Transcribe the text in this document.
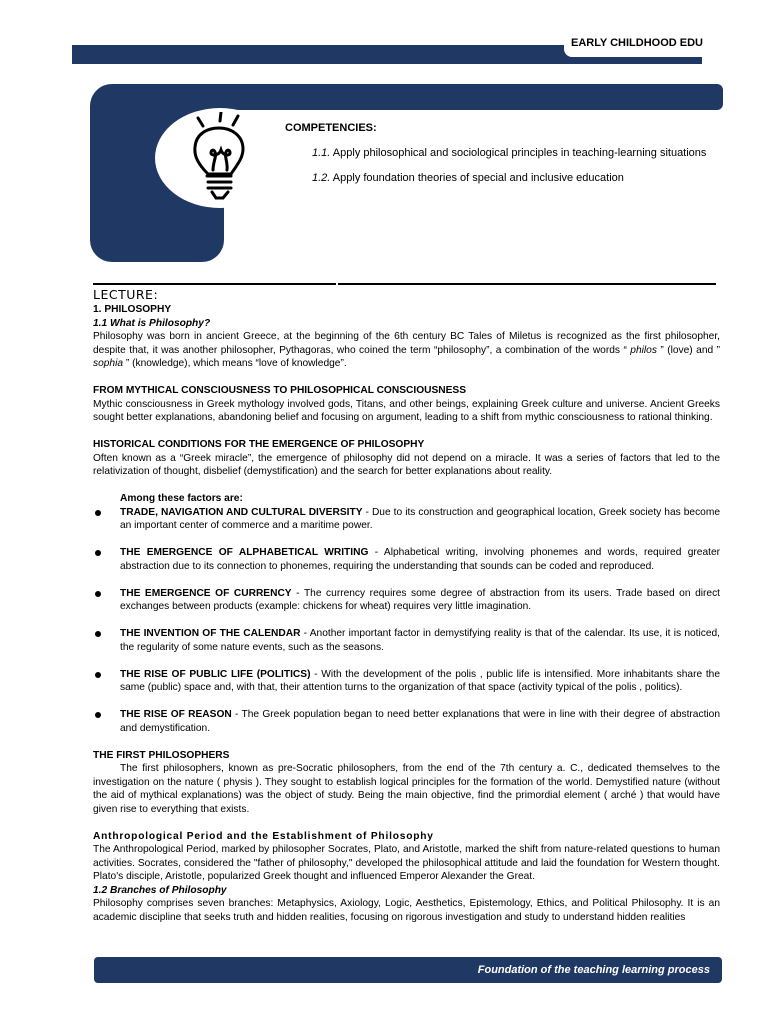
EARLY CHILDHOOD EDU
COMPETENCIES:
1.1. Apply philosophical and sociological principles in teaching-learning situations
1.2. Apply foundation theories of special and inclusive education
LECTURE:
1. PHILOSOPHY
1.1 What is Philosophy?

Philosophy was born in ancient Greece, at the beginning of the 6th century BC Tales of Miletus is recognized as the first philosopher, despite that, it was another philosopher, Pythagoras, who coined the term “philosophy”, a combination of the words “ philos ” (love) and ” sophia ” (knowledge), which means “love of knowledge”.

FROM MYTHICAL CONSCIOUSNESS TO PHILOSOPHICAL CONSCIOUSNESS

Mythic consciousness in Greek mythology involved gods, Titans, and other beings, explaining Greek culture and universe. Ancient Greeks sought better explanations, abandoning belief and focusing on argument, leading to a shift from mythic consciousness to rational thinking.

HISTORICAL CONDITIONS FOR THE EMERGENCE OF PHILOSOPHY

Often known as a “Greek miracle”, the emergence of philosophy did not depend on a miracle. It was a series of factors that led to the relativization of thought, disbelief (demystification) and the search for better explanations about reality.

Among these factors are:

TRADE, NAVIGATION AND CULTURAL DIVERSITY - Due to its construction and geographical location, Greek society has become an important center of commerce and a maritime power.

THE EMERGENCE OF ALPHABETICAL WRITING - Alphabetical writing, involving phonemes and words, required greater abstraction due to its connection to phonemes, requiring the understanding that sounds can be coded and reproduced.

THE EMERGENCE OF CURRENCY - The currency requires some degree of abstraction from its users. Trade based on direct exchanges between products (example: chickens for wheat) requires very little imagination.

THE INVENTION OF THE CALENDAR - Another important factor in demystifying reality is that of the calendar. Its use, it is noticed, the regularity of some nature events, such as the seasons.

THE RISE OF PUBLIC LIFE (POLITICS) - With the development of the polis , public life is intensified. More inhabitants share the same (public) space and, with that, their attention turns to the organization of that space (activity typical of the polis , politics).

THE RISE OF REASON - The Greek population began to need better explanations that were in line with their degree of abstraction and demystification.

THE FIRST PHILOSOPHERS

The first philosophers, known as pre-Socratic philosophers, from the end of the 7th century a. C., dedicated themselves to the investigation on the nature ( physis ). They sought to establish logical principles for the formation of the world. Demystified nature (without the aid of mythical explanations) was the object of study. Being the main objective, find the primordial element ( arché ) that would have given rise to everything that exists.

Anthropological Period and the Establishment of Philosophy

The Anthropological Period, marked by philosopher Socrates, Plato, and Aristotle, marked the shift from nature-related questions to human activities. Socrates, considered the "father of philosophy," developed the philosophical attitude and laid the foundation for Western thought. Plato's disciple, Aristotle, popularized Greek thought and influenced Emperor Alexander the Great.

1.2 Branches of Philosophy

Philosophy comprises seven branches: Metaphysics, Axiology, Logic, Aesthetics, Epistemology, Ethics, and Political Philosophy. It is an academic discipline that seeks truth and hidden realities, focusing on rigorous investigation and study to understand hidden realities

Foundation of the teaching learning process
